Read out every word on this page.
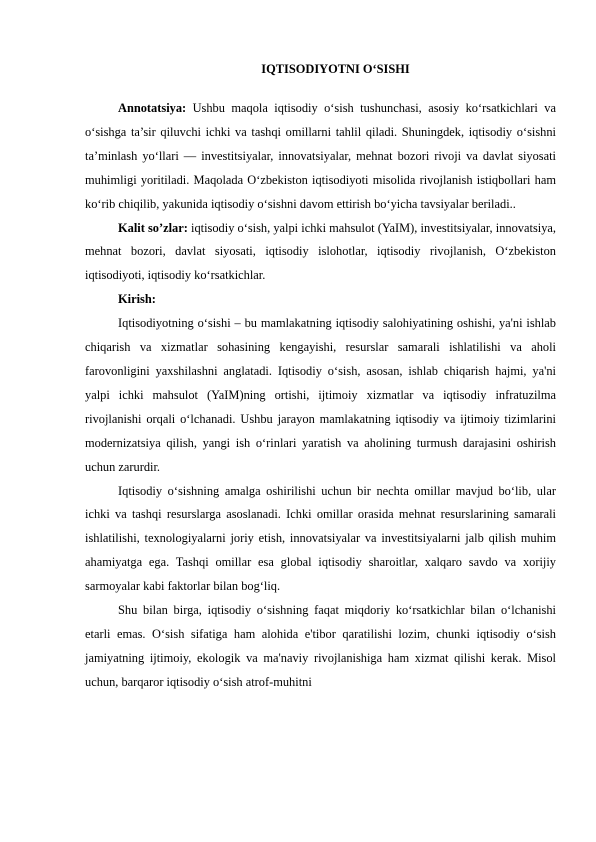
IQTISODIYOTNI O‘SISHI

Annotatsiya: Ushbu maqola iqtisodiy o‘sish tushunchasi, asosiy ko‘rsatkichlari va o‘sishga ta’sir qiluvchi ichki va tashqi omillarni tahlil qiladi. Shuningdek, iqtisodiy o‘sishni ta’minlash yo‘llari — investitsiyalar, innovatsiyalar, mehnat bozori rivoji va davlat siyosati muhimligi yoritiladi. Maqolada O‘zbekiston iqtisodiyoti misolida rivojlanish istiqbollari ham ko‘rib chiqilib, yakunida iqtisodiy o‘sishni davom ettirish bo‘yicha tavsiyalar beriladi..

Kalit so’zlar: iqtisodiy o‘sish, yalpi ichki mahsulot (YaIM), investitsiyalar, innovatsiya, mehnat bozori, davlat siyosati, iqtisodiy islohotlar, iqtisodiy rivojlanish, O‘zbekiston iqtisodiyoti, iqtisodiy ko‘rsatkichlar.

Kirish:

Iqtisodiyotning o‘sishi – bu mamlakatning iqtisodiy salohiyatining oshishi, ya'ni ishlab chiqarish va xizmatlar sohasining kengayishi, resurslar samarali ishlatilishi va aholi farovonligini yaxshilashni anglatadi. Iqtisodiy o‘sish, asosan, ishlab chiqarish hajmi, ya'ni yalpi ichki mahsulot (YaIM)ning ortishi, ijtimoiy xizmatlar va iqtisodiy infratuzilma rivojlanishi orqali o‘lchanadi. Ushbu jarayon mamlakatning iqtisodiy va ijtimoiy tizimlarini modernizatsiya qilish, yangi ish o‘rinlari yaratish va aholining turmush darajasini oshirish uchun zarurdir.

Iqtisodiy o‘sishning amalga oshirilishi uchun bir nechta omillar mavjud bo‘lib, ular ichki va tashqi resurslarga asoslanadi. Ichki omillar orasida mehnat resurslarining samarali ishlatilishi, texnologiyalarni joriy etish, innovatsiyalar va investitsiyalarni jalb qilish muhim ahamiyatga ega. Tashqi omillar esa global iqtisodiy sharoitlar, xalqaro savdo va xorijiy sarmoyalar kabi faktorlar bilan bog‘liq.

Shu bilan birga, iqtisodiy o‘sishning faqat miqdoriy ko‘rsatkichlar bilan o‘lchanishi etarli emas. O‘sish sifatiga ham alohida e'tibor qaratilishi lozim, chunki iqtisodiy o‘sish jamiyatning ijtimoiy, ekologik va ma'naviy rivojlanishiga ham xizmat qilishi kerak. Misol uchun, barqaror iqtisodiy o‘sish atrof-muhitni
